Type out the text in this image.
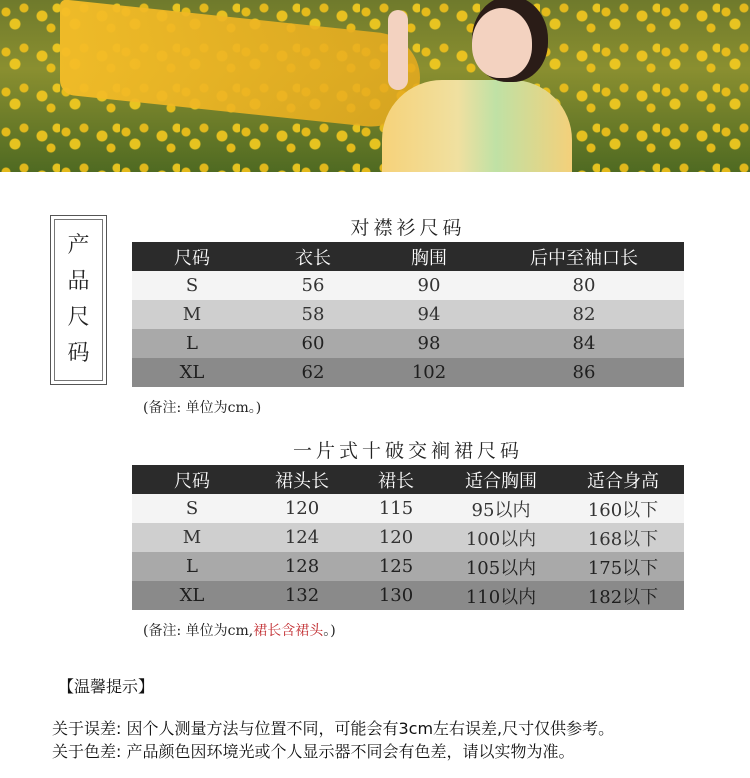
产
品
尺
码
对襟衫尺码
尺码	衣长	胸围	后中至袖口长
S	56	90	80
M	58	94	82
L	60	98	84
XL	62	102	86
(备注: 单位为cm。)
一片式十破交裥裙尺码
尺码	裙头长	裙长	适合胸围	适合身高
S	120	115	95以内	160以下
M	124	120	100以内	168以下
L	128	125	105以内	175以下
XL	132	130	110以内	182以下
(备注: 单位为cm,裙长含裙头。)
【温馨提示】
关于误差: 因个人测量方法与位置不同，可能会有3cm左右误差,尺寸仅供参考。
关于色差: 产品颜色因环境光或个人显示器不同会有色差，请以实物为准。
